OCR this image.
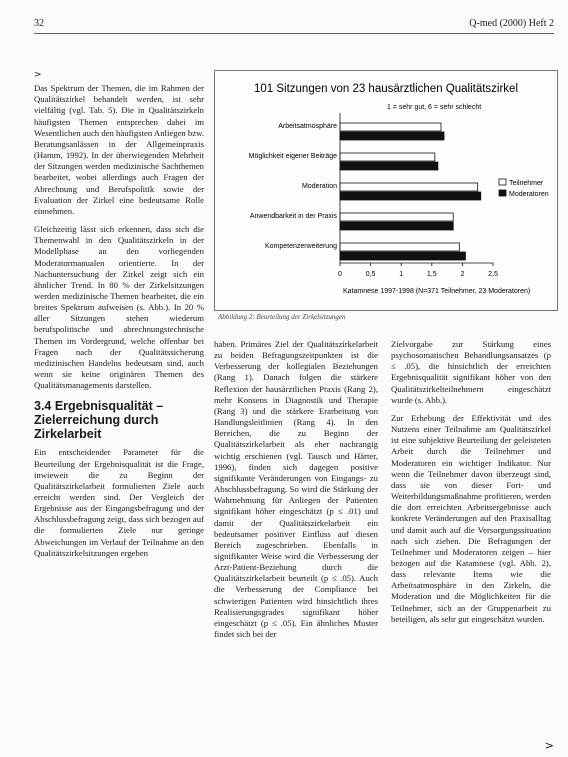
32	Q-med (2000) Heft 2
>

Das Spektrum der Themen, die im Rahmen der Qualitätszirkel behandelt werden, ist sehr vielfältig (vgl. Tab. 5). Die in Qualitätszirkeln häufigsten Themen entsprechen dabei im Wesentlichen auch den häufigsten Anliegen bzw. Beratungsanlässen in der Allgemeinpraxis (Hamm, 1992). In der überwiegenden Mehrheit der Sitzungen werden medizinische Sachthemen bearbeitet, wobei allerdings auch Fragen der Abrechnung und Berufspolitik sowie der Evaluation der Zirkel eine bedeutsame Rolle einnehmen.

Gleichzeitig lässt sich erkennen, dass sich die Themenwahl in den Qualitätszirkeln in der Modellphase an den vorliegenden Moderatormanualen orientierte. In der Nachuntersuchung der Zirkel zeigt sich ein ähnlicher Trend. In 80 % der Zirkelsitzungen werden medizinische Themen bearbeitet, die ein breites Spektrum aufweisen (s. Abb.). In 20 % aller Sitzungen stehen wiederum berufspolitische und abrechnungstechnische Themen im Vordergrund, welche offenbar bei Fragen nach der Qualitätssicherung medizinischen Handelns bedeutsam sind, auch wenn sie keine originären Themen des Qualitätsmanagements darstellen.

3.4 Ergebnisqualität – Zielerreichung durch Zirkelarbeit

Ein entscheidender Parameter für die Beurteilung der Ergebnisqualität ist die Frage, inwieweit die zu Beginn der Qualitätszirkelarbeit formulierten Ziele auch erreicht werden sind. Der Vergleich der Ergebnisse aus der Eingangsbefragung und der Abschlussbefragung zeigt, dass sich bezogen auf die formulierten Ziele nur geringe Abweichungen im Verlauf der Teilnahme an den Qualitätszirkelsitzungen ergeben

101 Sitzungen von 23 hausärztlichen Qualitätszirkel
1 = sehr gut, 6 = sehr schlecht
Arbeitsatmosphäre
Möglichkeit eigener Beiträge
Moderation
Anwendbarkeit in der Praxis
Kompetenzerweiterung
0	0,5	1	1,5	2	2,5
Teilnehmer
Moderatoren
Katamnese 1997-1998 (N=371 Teilnehmer, 23 Moderatoren)
Abbildung 2: Beurteilung der Zirkelsitzungen

haben. Primäres Ziel der Qualitätszirkelarbeit zu beiden Befragungszeitpunkten ist die Verbesserung der kollegialen Beziehungen (Rang 1). Danach folgen die stärkere Reflexion der hausärztlichen Praxis (Rang 2), mehr Konsens in Diagnostik und Therapie (Rang 3) und die stärkere Erarbeitung von Handlungsleitlinien (Rang 4). In den Bereichen, die zu Beginn der Qualitätszirkelarbeit als eher nachrangig wichtig erschienen (vgl. Tausch und Härter, 1996), finden sich dagegen positive signifikante Veränderungen von Eingangs- zu Abschlussbefragung. So wird die Stärkung der Wahrnehmung für Anliegen der Patienten signifikant höher eingeschätzt (p ≤ .01) und damit der Qualitätszirkelarbeit ein bedeutsamer positiver Einfluss auf diesen Bereich zugeschrieben. Ebenfalls in signifikanter Weise wird die Verbesserung der Arzt-Patient-Beziehung durch die Qualitätszirkelarbeit beurteilt (p ≤ .05). Auch die Verbesserung der Compliance bei schwierigen Patienten wird hinsichtlich ihres Realisierungsgrades signifikant höher eingeschätzt (p ≤ .05). Ein ähnliches Muster findet sich bei der

Zielvorgabe zur Stärkung eines psychosomatischen Behandlungsansatzes (p ≤ .05), die hinsichtlich der erreichten Ergebnisqualität signifikant höher von den Qualitätszirkelteilnehmern eingeschätzt wurde (s. Abb.).

Zur Erhebung der Effektivität und des Nutzens einer Teilnahme am Qualitätszirkel ist eine subjektive Beurteilung der geleisteten Arbeit durch die Teilnehmer und Moderatoren ein wichtiger Indikator. Nur wenn die Teilnehmer davon überzeugt sind, dass sie von dieser Fort- und Weiterbildungsmaßnahme profitieren, werden die dort erreichten Arbeitsergebnisse auch konkrete Veränderungen auf den Praxisalltag und damit auch auf die Versorgungssituation nach sich ziehen. Die Befragungen der Teilnehmer und Moderatoren zeigen – hier bezogen auf die Katamnese (vgl. Abb. 2), dass relevante Items wie die Arbeitsatmosphäre in den Zirkeln, die Moderation und die Möglichkeiten für die Teilnehmer, sich an der Gruppenarbeit zu beteiligen, als sehr gut eingeschätzt wurden.

>
